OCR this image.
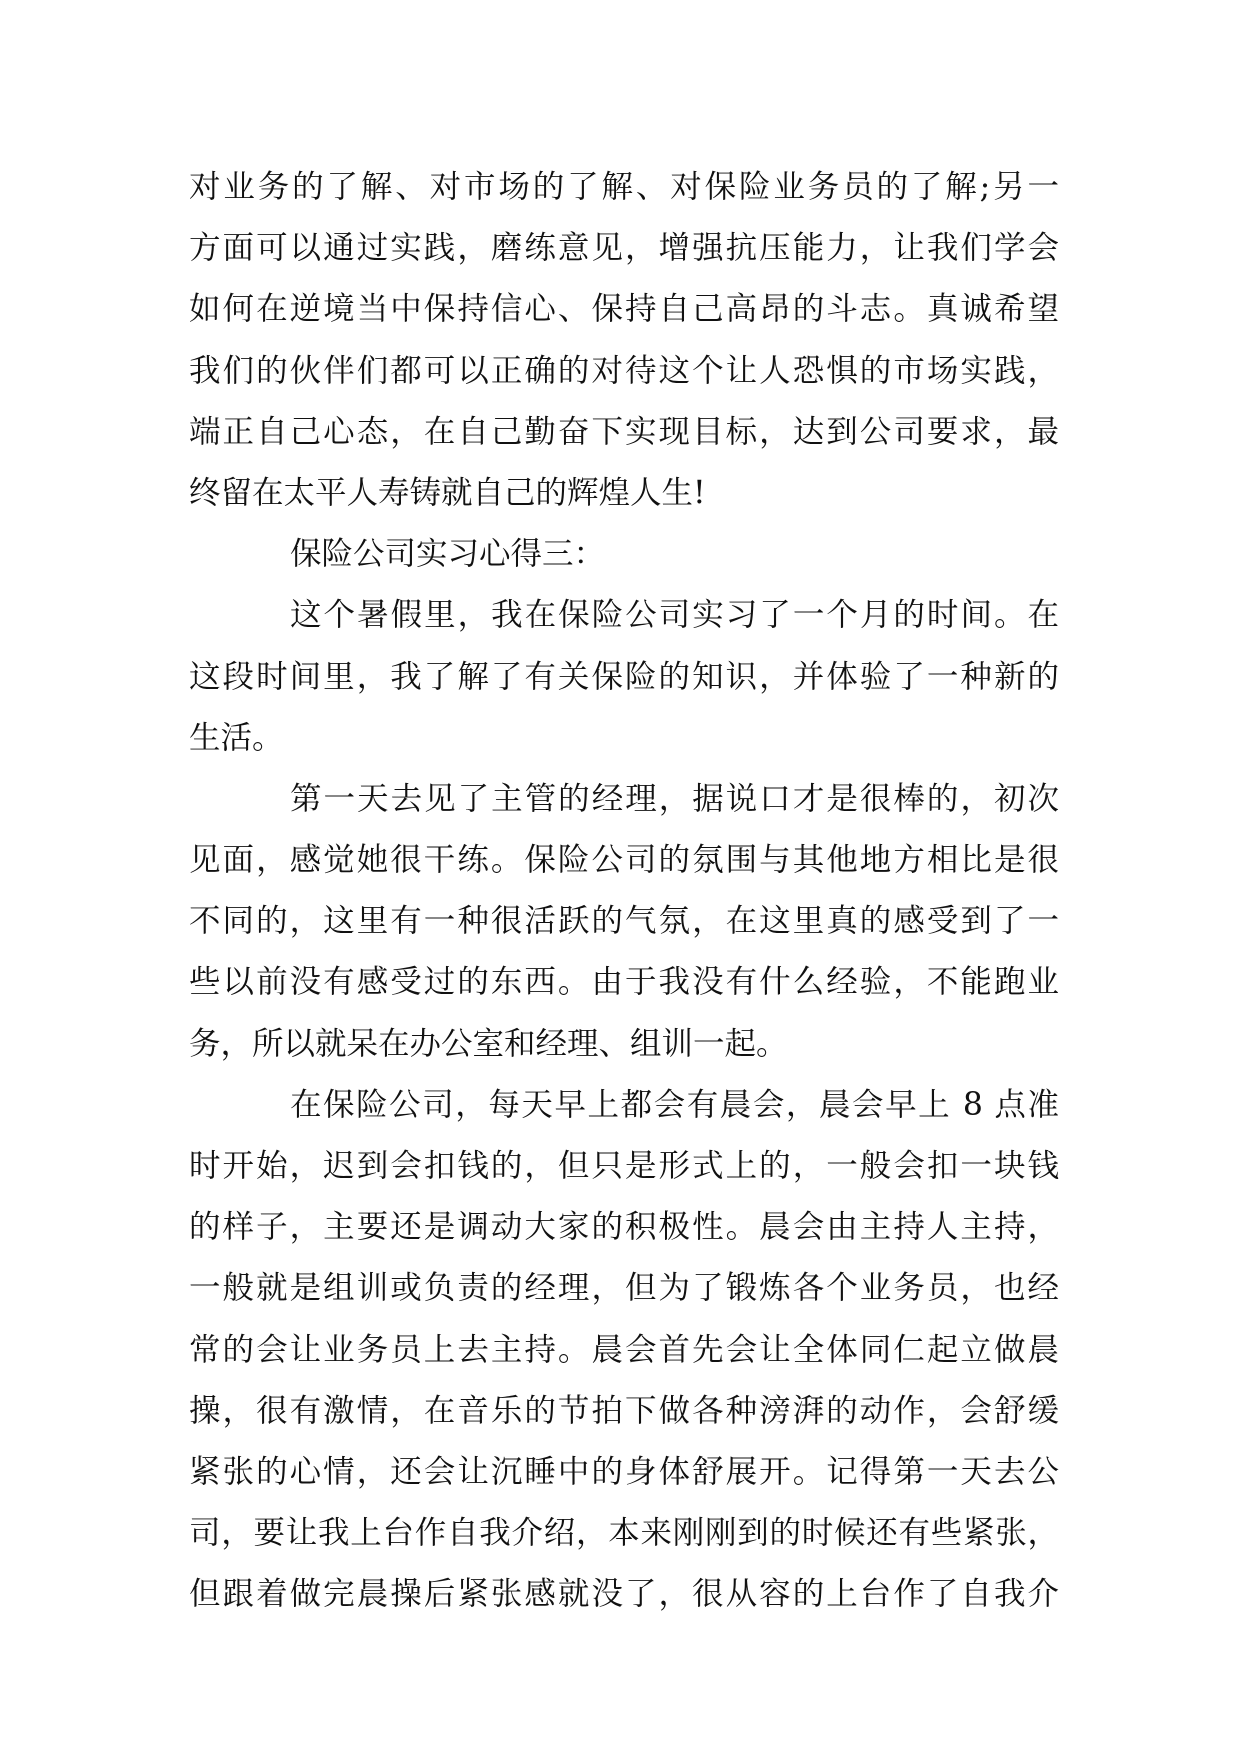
对业务的了解、对市场的了解、对保险业务员的了解;另一
方面可以通过实践，磨练意见，增强抗压能力，让我们学会
如何在逆境当中保持信心、保持自己高昂的斗志。真诚希望
我们的伙伴们都可以正确的对待这个让人恐惧的市场实践，
端正自己心态，在自己勤奋下实现目标，达到公司要求，最
终留在太平人寿铸就自己的辉煌人生!
保险公司实习心得三：
这个暑假里，我在保险公司实习了一个月的时间。在
这段时间里，我了解了有关保险的知识，并体验了一种新的
生活。
第一天去见了主管的经理，据说口才是很棒的，初次
见面，感觉她很干练。保险公司的氛围与其他地方相比是很
不同的，这里有一种很活跃的气氛，在这里真的感受到了一
些以前没有感受过的东西。由于我没有什么经验，不能跑业
务，所以就呆在办公室和经理、组训一起。
在保险公司，每天早上都会有晨会，晨会早上 8 点准
时开始，迟到会扣钱的，但只是形式上的，一般会扣一块钱
的样子，主要还是调动大家的积极性。晨会由主持人主持，
一般就是组训或负责的经理，但为了锻炼各个业务员，也经
常的会让业务员上去主持。晨会首先会让全体同仁起立做晨
操，很有激情，在音乐的节拍下做各种滂湃的动作，会舒缓
紧张的心情，还会让沉睡中的身体舒展开。记得第一天去公
司，要让我上台作自我介绍，本来刚刚到的时候还有些紧张，
但跟着做完晨操后紧张感就没了，很从容的上台作了自我介
